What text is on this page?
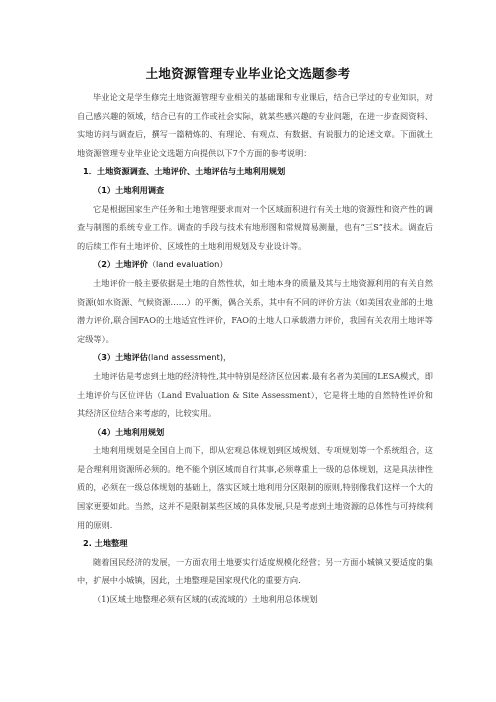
土地资源管理专业毕业论文选题参考

毕业论文是学生修完土地资源管理专业相关的基础课和专业课后，结合已学过的专业知识，对自己感兴趣的领域，结合已有的工作或社会实际，就某些感兴趣的专业问题，在进一步查阅资料、实地访问与调查后，撰写一篇精炼的、有理论、有观点、有数据、有说服力的论述文章。下面就土地资源管理专业毕业论文选题方向提供以下7个方面的参考说明：

1．土地资源调查、土地评价、土地评估与土地利用规划

（1）土地利用调查

它是根据国家生产任务和土地管理要求而对一个区域面积进行有关土地的资源性和资产性的调查与制图的系统专业工作。调查的手段与技术有地形图和常规简易测量，也有“三S”技术。调查后的后续工作有土地评价、区域性的土地利用规划及专业设计等。

（2）土地评价（land evaluation）

土地评价一般主要依据是土地的自然性状，如土地本身的质量及其与土地资源利用的有关自然资源(如水资源、气候资源……）的平衡，偶合关系，其中有不同的评价方法（如美国农业部的土地潜力评价,联合国FAO的土地适宜性评价，FAO的土地人口承载潜力评价，我国有关农用土地评等定级等）。

（3）土地评估(land assessment)，

土地评估是考虑到土地的经济特性,其中特别是经济区位因素.最有名者为美国的LESA模式，即土地评价与区位评估（Land Evaluation & Site Assessment），它是将土地的自然特性评价和其经济区位结合来考虑的，比较实用。

（4）土地利用规划

土地利用规划是全国自上而下，即从宏观总体规划到区域规划、专项规划等一个系统组合，这是合理利用资源所必须的。绝不能个别区域而自行其事,必须尊重上一级的总体规划，这是具法律性质的，必须在一级总体规划的基础上，落实区域土地利用分区限制的原则,特别像我们这样一个大的国家更要如此。当然，这并不是限制某些区域的具体发展,只是考虑到土地资源的总体性与可持续利用的原则.

2. 土地整理

随着国民经济的发展，一方面农用土地要实行适度规模化经营；另一方面小城镇又要适度的集中，扩展中小城镇，因此，土地整理是国家现代化的重要方向.

（1)区域土地整理必须有区域的(或流域的）土地利用总体规划
